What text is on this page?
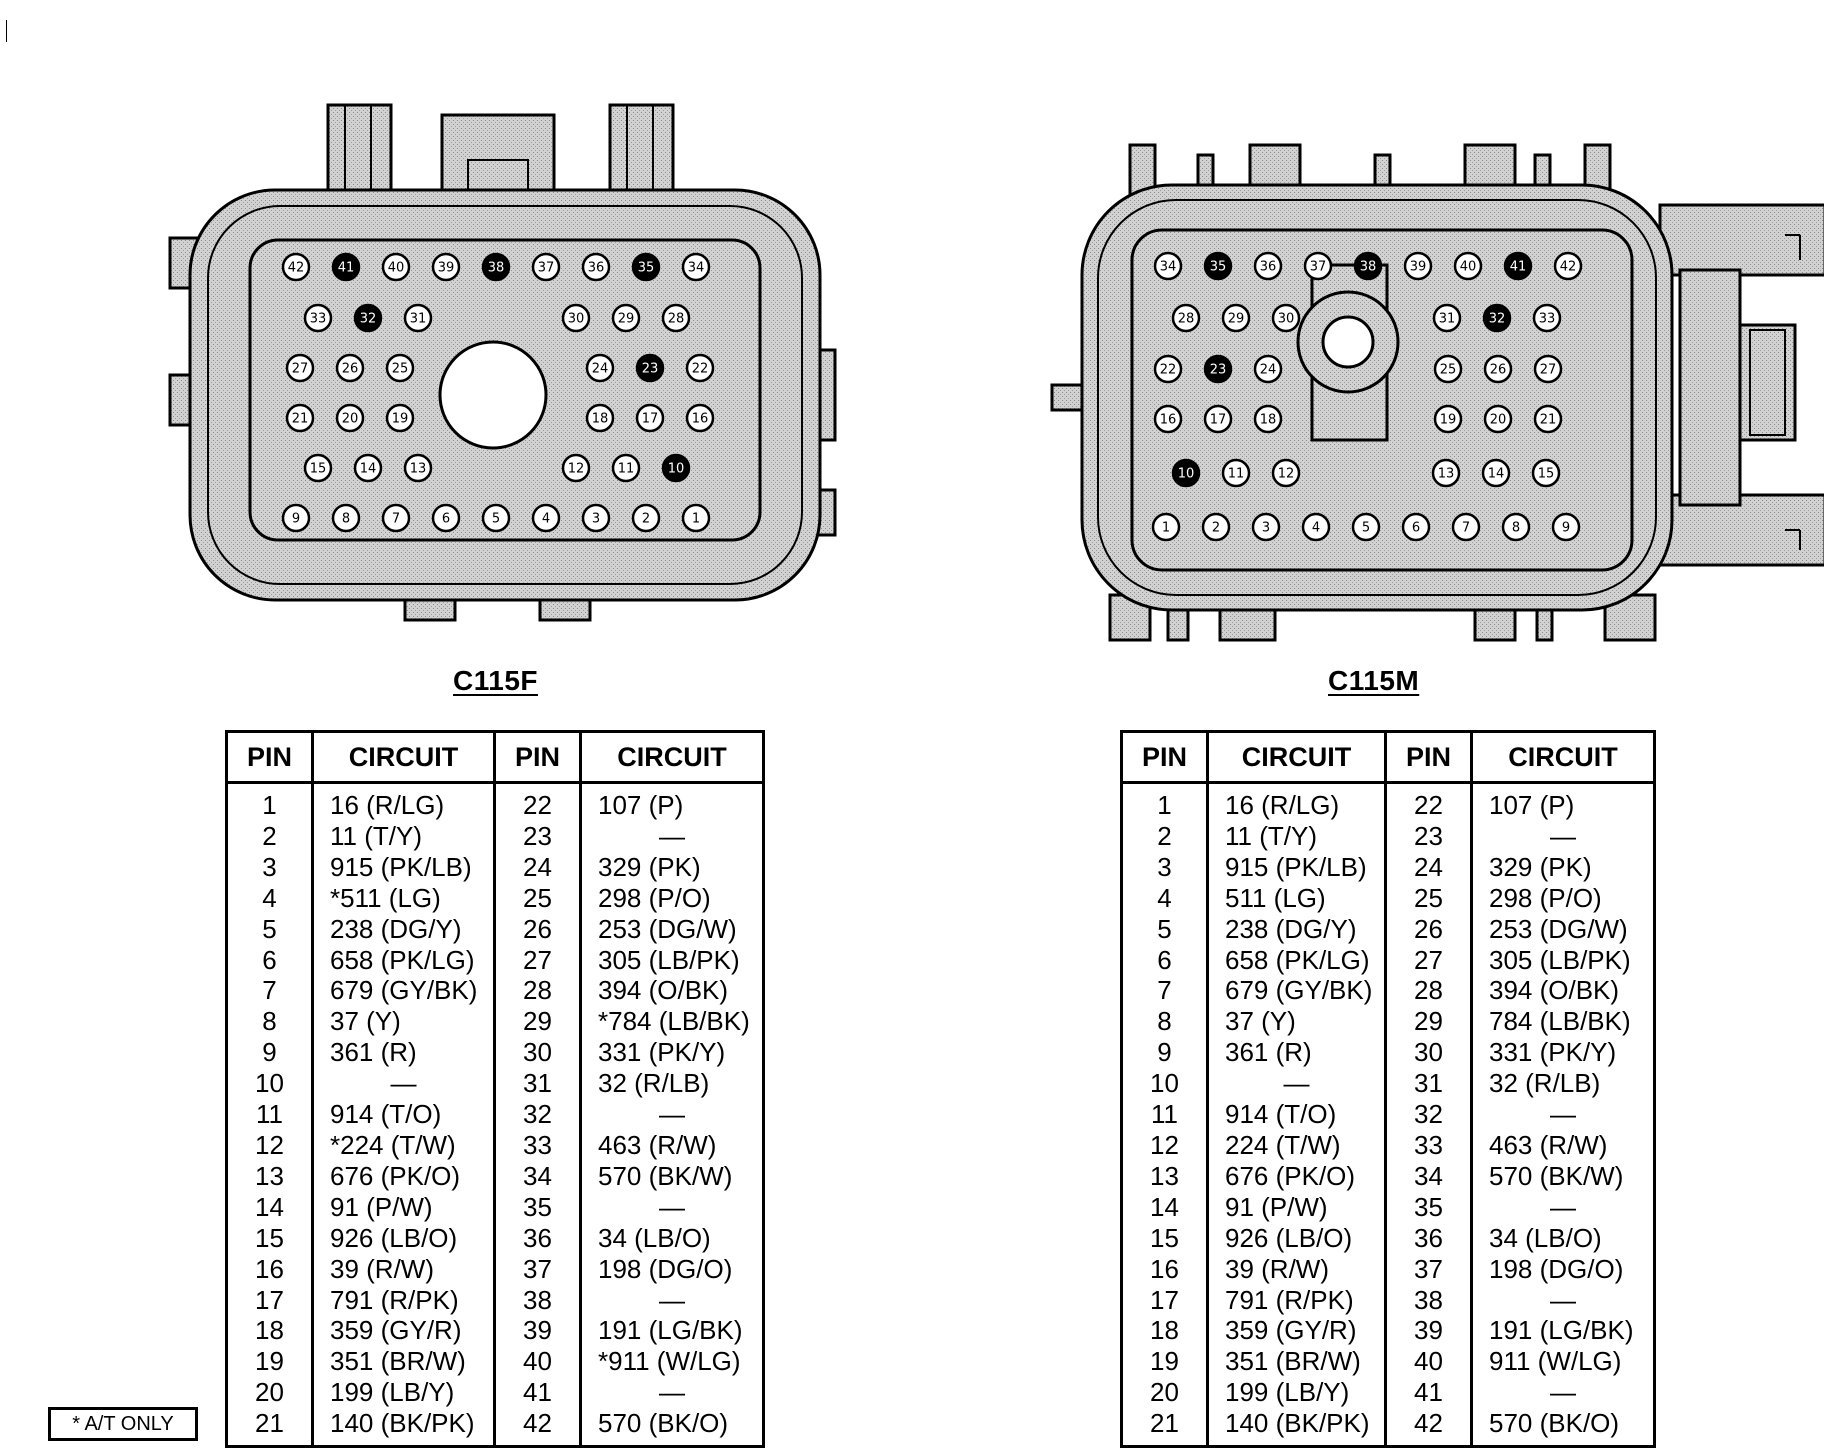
42	41	40	39	38	37	36	35	34
33	32	31	30	29	28
27	26	25	24	23	22
21	20	19	18	17	16
15	14	13	12	11	10
9	8	7	6	5	4	3	2	1
34	35	36	37	38	39	40	41	42
28	29	30	31	32	33
22	23	24	25	26	27
16	17	18	19	20	21
10	11	12	13	14	15
1	2	3	4	5	6	7	8	9
C115F	C115M
PIN	CIRCUIT	PIN	CIRCUIT
1	16 (R/LG)	22	107 (P)
2	11 (T/Y)	23	—
3	915 (PK/LB)	24	329 (PK)
4	*511 (LG)	25	298 (P/O)
5	238 (DG/Y)	26	253 (DG/W)
6	658 (PK/LG)	27	305 (LB/PK)
7	679 (GY/BK)	28	394 (O/BK)
8	37 (Y)	29	*784 (LB/BK)
9	361 (R)	30	331 (PK/Y)
10	—	31	32 (R/LB)
11	914 (T/O)	32	—
12	*224 (T/W)	33	463 (R/W)
13	676 (PK/O)	34	570 (BK/W)
14	91 (P/W)	35	—
15	926 (LB/O)	36	34 (LB/O)
16	39 (R/W)	37	198 (DG/O)
17	791 (R/PK)	38	—
18	359 (GY/R)	39	191 (LG/BK)
19	351 (BR/W)	40	*911 (W/LG)
20	199 (LB/Y)	41	—
21	140 (BK/PK)	42	570 (BK/O)
PIN	CIRCUIT	PIN	CIRCUIT
1	16 (R/LG)	22	107 (P)
2	11 (T/Y)	23	—
3	915 (PK/LB)	24	329 (PK)
4	511 (LG)	25	298 (P/O)
5	238 (DG/Y)	26	253 (DG/W)
6	658 (PK/LG)	27	305 (LB/PK)
7	679 (GY/BK)	28	394 (O/BK)
8	37 (Y)	29	784 (LB/BK)
9	361 (R)	30	331 (PK/Y)
10	—	31	32 (R/LB)
11	914 (T/O)	32	—
12	224 (T/W)	33	463 (R/W)
13	676 (PK/O)	34	570 (BK/W)
14	91 (P/W)	35	—
15	926 (LB/O)	36	34 (LB/O)
16	39 (R/W)	37	198 (DG/O)
17	791 (R/PK)	38	—
18	359 (GY/R)	39	191 (LG/BK)
19	351 (BR/W)	40	911 (W/LG)
20	199 (LB/Y)	41	—
21	140 (BK/PK)	42	570 (BK/O)
* A/T ONLY
